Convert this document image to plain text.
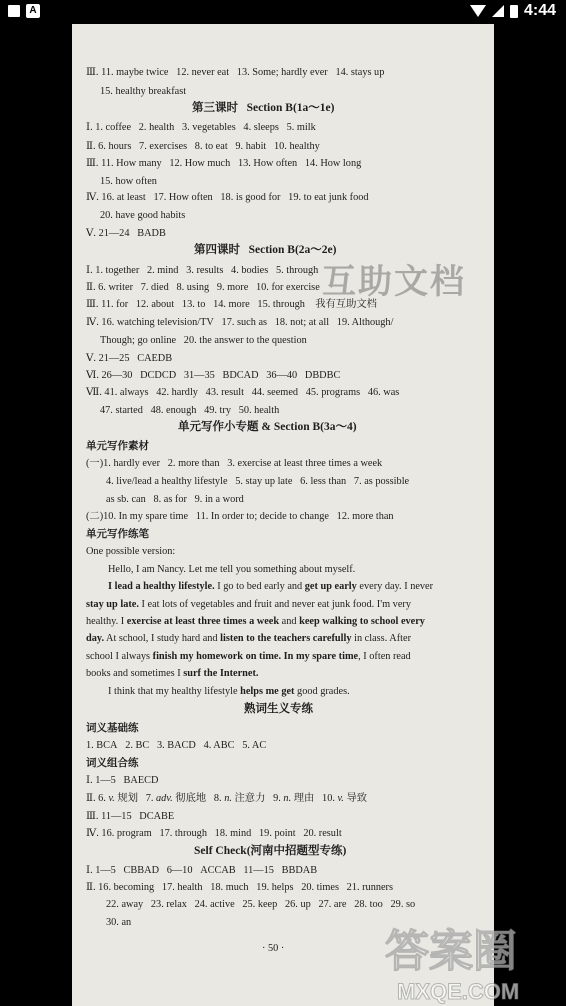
A	4:44
Ⅲ. 11. maybe twice   12. never eat   13. Some; hardly ever   14. stays up
15. healthy breakfast
第三课时   Section B(1a～1e)
Ⅰ. 1. coffee   2. health   3. vegetables   4. sleeps   5. milk
Ⅱ. 6. hours   7. exercises   8. to eat   9. habit   10. healthy
Ⅲ. 11. How many   12. How much   13. How often   14. How long
15. how often
Ⅳ. 16. at least   17. How often   18. is good for   19. to eat junk food
20. have good habits
Ⅴ. 21—24   BADB
第四课时   Section B(2a～2e)
Ⅰ. 1. together   2. mind   3. results   4. bodies   5. through
Ⅱ. 6. writer   7. died   8. using   9. more   10. for exercise
Ⅲ. 11. for   12. about   13. to   14. more   15. through    我有互助文档
Ⅳ. 16. watching television/TV   17. such as   18. not; at all   19. Although/
Though; go online   20. the answer to the question
Ⅴ. 21—25   CAEDB
Ⅵ. 26—30   DCDCD   31—35   BDCAD   36—40   DBDBC
Ⅶ. 41. always   42. hardly   43. result   44. seemed   45. programs   46. was
47. started   48. enough   49. try   50. health
单元写作小专题 & Section B(3a～4)
单元写作素材
(一)1. hardly ever   2. more than   3. exercise at least three times a week
4. live/lead a healthy lifestyle   5. stay up late   6. less than   7. as possible
as sb. can   8. as for   9. in a word
(二)10. In my spare time   11. In order to; decide to change   12. more than
单元写作练笔
One possible version:
Hello, I am Nancy. Let me tell you something about myself.
I lead a healthy lifestyle. I go to bed early and get up early every day. I never
stay up late. I eat lots of vegetables and fruit and never eat junk food. I'm very
healthy. I exercise at least three times a week and keep walking to school every
day. At school, I study hard and listen to the teachers carefully in class. After
school I always finish my homework on time. In my spare time, I often read
books and sometimes I surf the Internet.
I think that my healthy lifestyle helps me get good grades.
熟词生义专练
词义基础练
1. BCA   2. BC   3. BACD   4. ABC   5. AC
词义组合练
Ⅰ. 1—5   BAECD
Ⅱ. 6. v. 规划   7. adv. 彻底地   8. n. 注意力   9. n. 理由   10. v. 导致
Ⅲ. 11—15   DCABE
Ⅳ. 16. program   17. through   18. mind   19. point   20. result
Self Check(河南中招题型专练)
Ⅰ. 1—5   CBBAD   6—10   ACCAB   11—15   BBDAB
Ⅱ. 16. becoming   17. health   18. much   19. helps   20. times   21. runners
22. away   23. relax   24. active   25. keep   26. up   27. are   28. too   29. so
30. an
互助文档
· 50 · 答案圈
MXQE.COM
